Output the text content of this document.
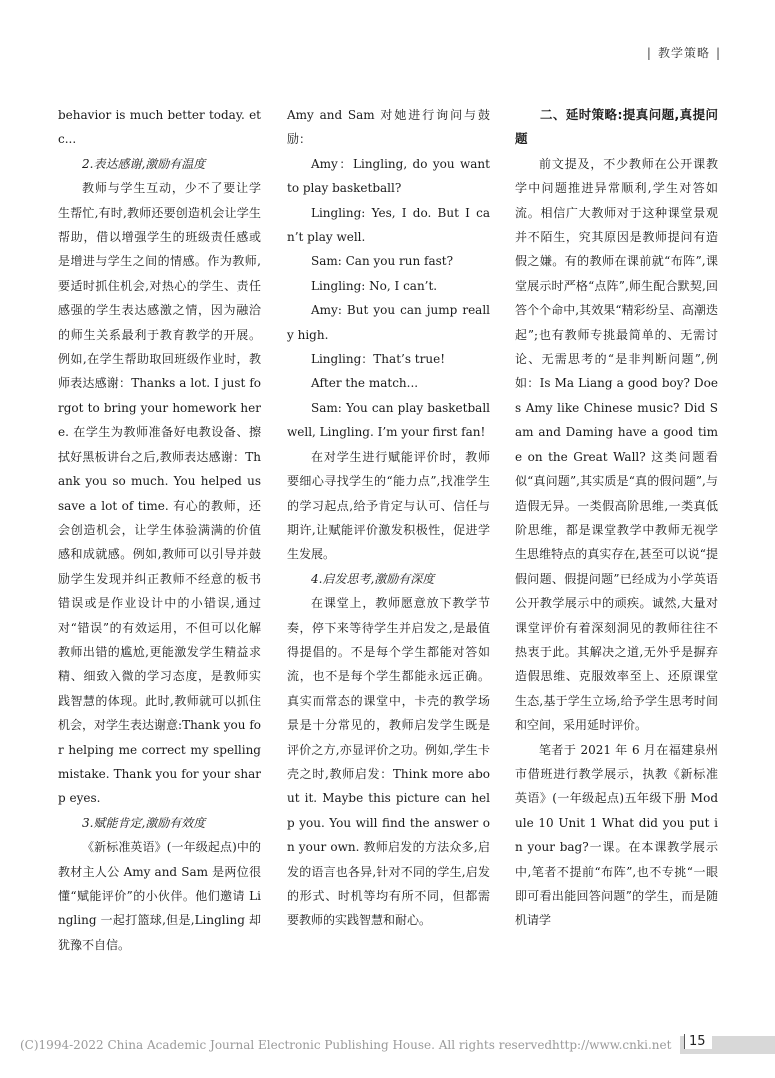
| 教学策略 |

behavior is much better today. etc...

2.表达感谢,激励有温度

教师与学生互动，少不了要让学生帮忙,有时,教师还要创造机会让学生帮助，借以增强学生的班级责任感或是增进与学生之间的情感。作为教师,要适时抓住机会,对热心的学生、责任感强的学生表达感激之情，因为融洽的师生关系最利于教育教学的开展。例如,在学生帮助取回班级作业时，教师表达感谢：Thanks a lot. I just forgot to bring your homework here. 在学生为教师准备好电教设备、擦拭好黑板讲台之后,教师表达感谢：Thank you so much. You helped us save a lot of time. 有心的教师，还会创造机会，让学生体验满满的价值感和成就感。例如,教师可以引导并鼓励学生发现并纠正教师不经意的板书错误或是作业设计中的小错误,通过对“错误”的有效运用，不但可以化解教师出错的尴尬,更能激发学生精益求精、细致入微的学习态度，是教师实践智慧的体现。此时,教师就可以抓住机会，对学生表达谢意:Thank you for helping me correct my spelling mistake. Thank you for your sharp eyes.

3.赋能肯定,激励有效度

《新标准英语》(一年级起点)中的教材主人公 Amy and Sam 是两位很懂“赋能评价”的小伙伴。他们邀请 Lingling 一起打篮球,但是,Lingling 却犹豫不自信。

Amy and Sam 对她进行询问与鼓励：

Amy：Lingling, do you want to play basketball?

Lingling: Yes, I do. But I can’t play well.

Sam: Can you run fast?

Lingling: No, I can’t.

Amy: But you can jump really high.

Lingling：That’s true!

After the match...

Sam: You can play basketball well, Lingling. I’m your first fan!

在对学生进行赋能评价时，教师要细心寻找学生的“能力点”,找准学生的学习起点,给予肯定与认可、信任与期许,让赋能评价激发积极性，促进学生发展。

4.启发思考,激励有深度

在课堂上，教师愿意放下教学节奏，停下来等待学生并启发之,是最值得提倡的。不是每个学生都能对答如流，也不是每个学生都能永远正确。真实而常态的课堂中，卡壳的教学场景是十分常见的，教师启发学生既是评价之方,亦显评价之功。例如,学生卡壳之时,教师启发：Think more about it. Maybe this picture can help you. You will find the answer on your own. 教师启发的方法众多,启发的语言也各异,针对不同的学生,启发的形式、时机等均有所不同，但都需要教师的实践智慧和耐心。

二、延时策略:提真问题,真提问题

前文提及，不少教师在公开课教学中问题推进异常顺利,学生对答如流。相信广大教师对于这种课堂景观并不陌生，究其原因是教师提问有造假之嫌。有的教师在课前就“布阵”,课堂展示时严格“点阵”,师生配合默契,回答个个命中,其效果“精彩纷呈、高潮迭起”;也有教师专挑最简单的、无需讨论、无需思考的“是非判断问题”,例如：Is Ma Liang a good boy? Does Amy like Chinese music? Did Sam and Daming have a good time on the Great Wall? 这类问题看似“真问题”,其实质是“真的假问题”,与造假无异。一类假高阶思维,一类真低阶思维，都是课堂教学中教师无视学生思维特点的真实存在,甚至可以说“提假问题、假提问题”已经成为小学英语公开教学展示中的顽疾。诚然,大量对课堂评价有着深刻洞见的教师往往不热衷于此。其解决之道,无外乎是摒弃造假思维、克服效率至上、还原课堂生态,基于学生立场,给予学生思考时间和空间，采用延时评价。

笔者于 2021 年 6 月在福建泉州市借班进行教学展示，执教《新标准英语》(一年级起点)五年级下册 Module 10 Unit 1 What did you put in your bag?一课。在本课教学展示中,笔者不提前“布阵”,也不专挑“一眼即可看出能回答问题”的学生，而是随机请学

(C)1994-2022 China Academic Journal Electronic Publishing House. All rights reserved.
http://www.cnki.net	15
